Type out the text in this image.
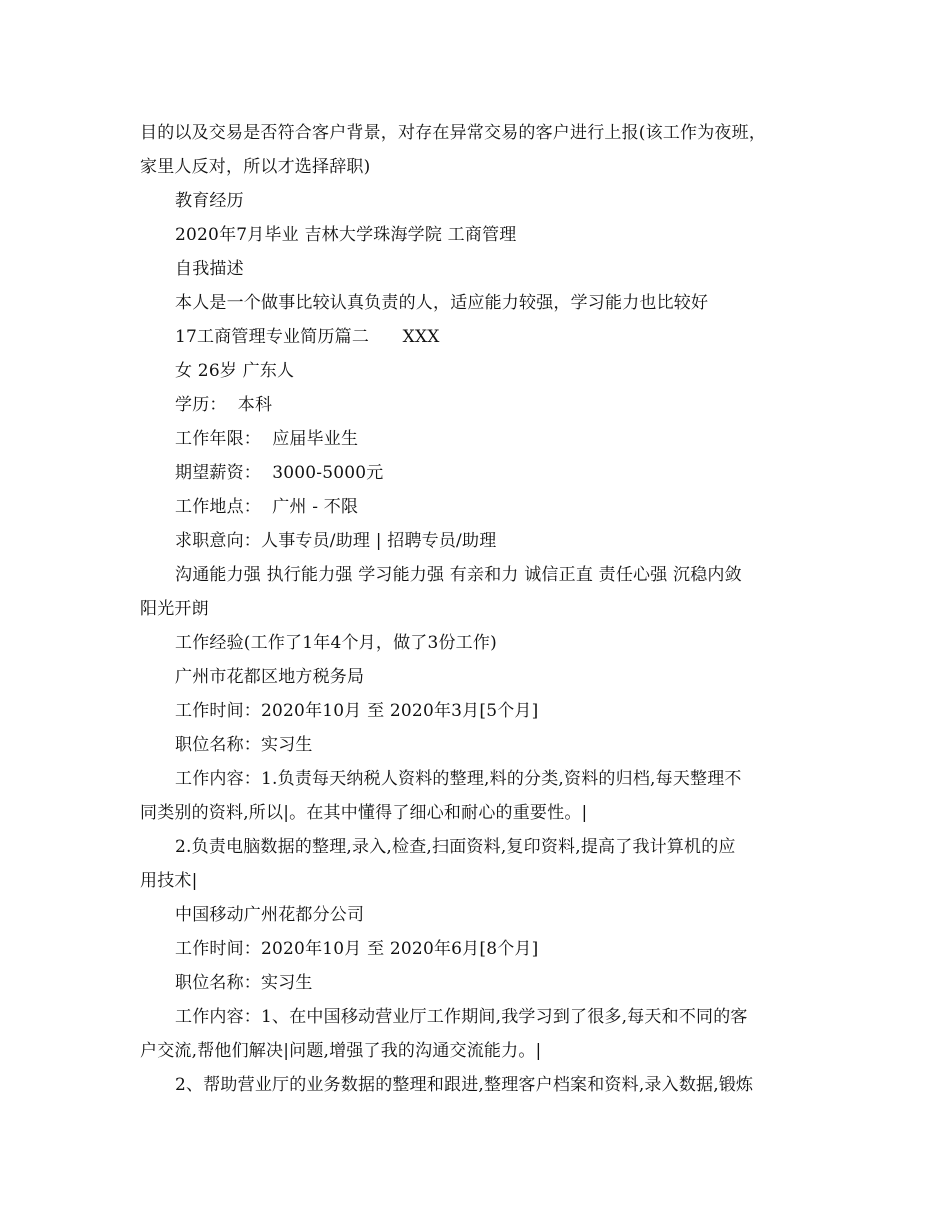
目的以及交易是否符合客户背景，对存在异常交易的客户进行上报(该工作为夜班，
家里人反对，所以才选择辞职)
教育经历
2020年7月毕业 吉林大学珠海学院 工商管理
自我描述
本人是一个做事比较认真负责的人，适应能力较强，学习能力也比较好
17工商管理专业简历篇二      XXX
女 26岁 广东人
学历：  本科
工作年限：  应届毕业生
期望薪资：  3000-5000元
工作地点：  广州 - 不限
求职意向：人事专员/助理 | 招聘专员/助理
沟通能力强 执行能力强 学习能力强 有亲和力 诚信正直 责任心强 沉稳内敛
阳光开朗
工作经验(工作了1年4个月，做了3份工作)
广州市花都区地方税务局
工作时间：2020年10月 至 2020年3月[5个月]
职位名称：实习生
工作内容：1.负责每天纳税人资料的整理,料的分类,资料的归档,每天整理不
同类别的资料,所以|。在其中懂得了细心和耐心的重要性。|
2.负责电脑数据的整理,录入,检查,扫面资料,复印资料,提高了我计算机的应
用技术|
中国移动广州花都分公司
工作时间：2020年10月 至 2020年6月[8个月]
职位名称：实习生
工作内容：1、在中国移动营业厅工作期间,我学习到了很多,每天和不同的客
户交流,帮他们解决|问题,增强了我的沟通交流能力。|
2、帮助营业厅的业务数据的整理和跟进,整理客户档案和资料,录入数据,锻炼
